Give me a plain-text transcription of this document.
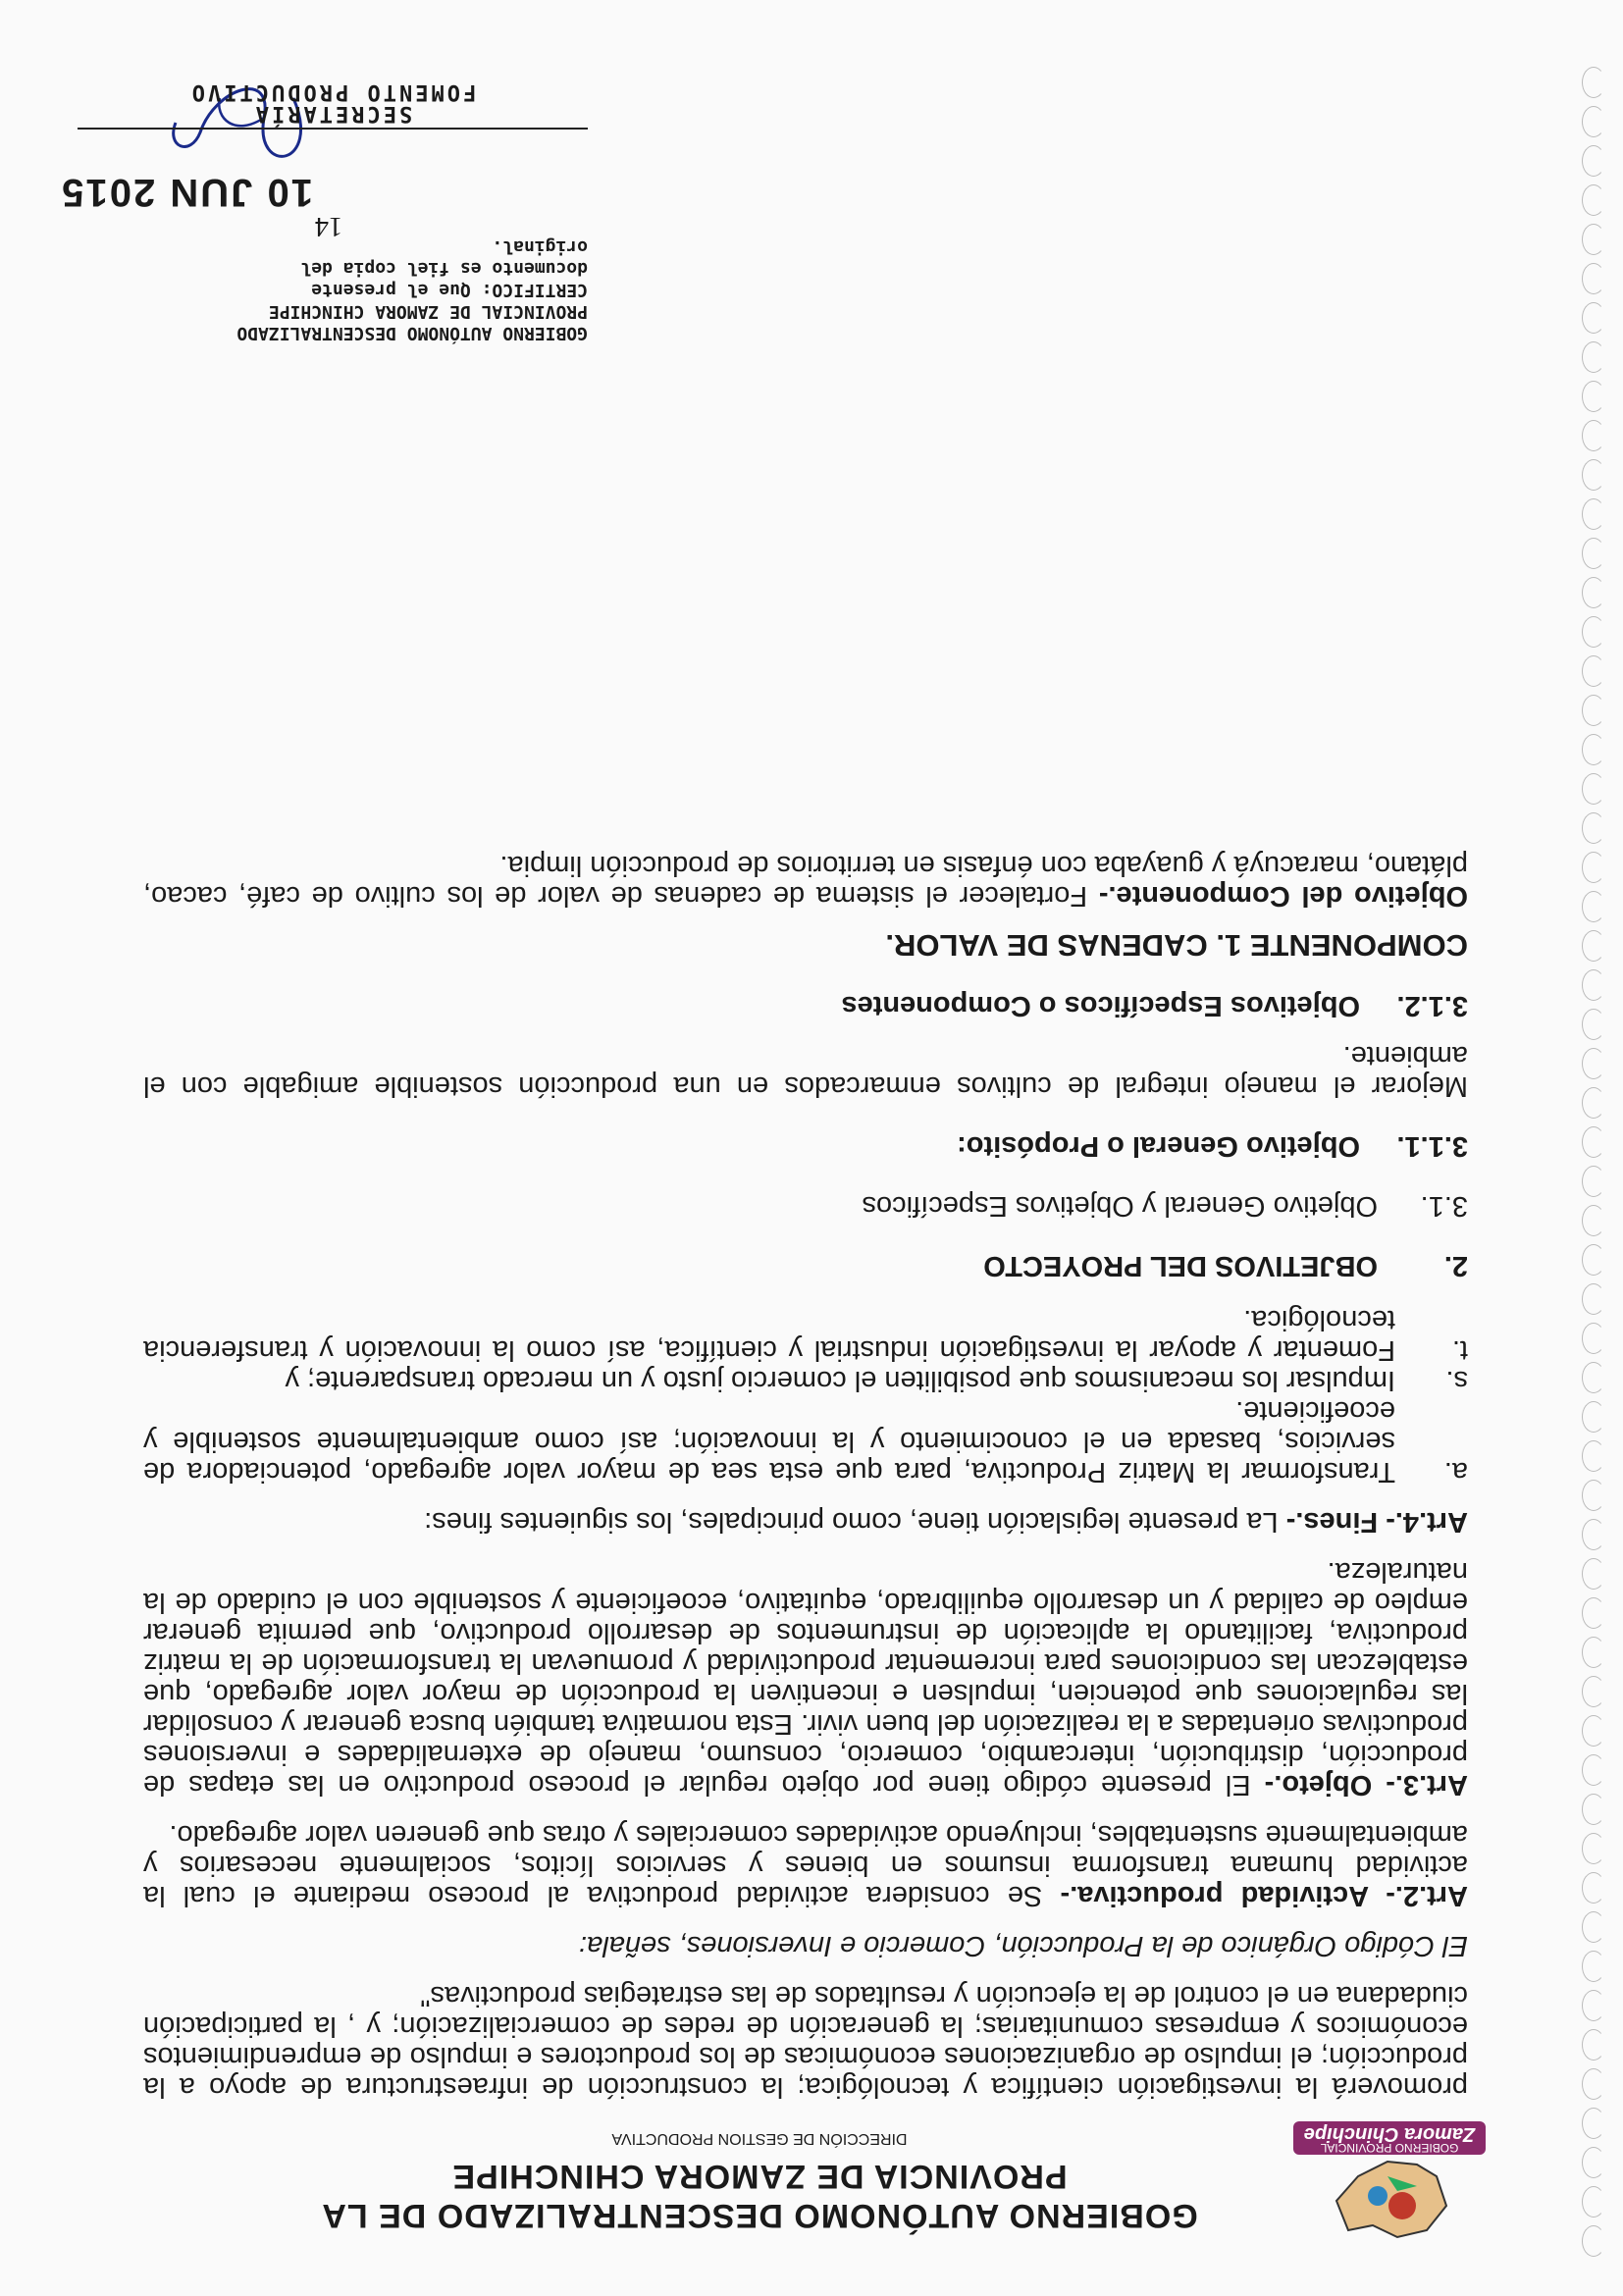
GOBIERNO PROVINCIAL
Zamora Chinchipe
GOBIERNO AUTÓNOMO DESCENTRALIZADO DE LA PROVINCIA DE ZAMORA CHINCHIPE
DIRECCIÓN DE GESTION PRODUCTIVA

promoverá la investigación científica y tecnológica; la construcción de infraestructura de apoyo a la producción; el impulso de organizaciones económicas de los productores e impulso de emprendimientos económicos y empresas comunitarias; la generación de redes de comercialización; y , la participación ciudadana en el control de la ejecución y resultados de las estrategias productivas"

El Código Orgánico de la Producción, Comercio e Inversiones, señala:

Art.2.- Actividad productiva.- Se considera actividad productiva al proceso mediante el cual la actividad humana transforma insumos en bienes y servicios lícitos, socialmente necesarios y ambientalmente sustentables, incluyendo actividades comerciales y otras que generen valor agregado.

Art.3.- Objeto.- El presente código tiene por objeto regular el proceso productivo en las etapas de producción, distribución, intercambio, comercio, consumo, manejo de externalidades e inversiones productivas orientadas a la realización del buen vivir. Esta normativa también busca generar y consolidar las regulaciones que potencien, impulsen e incentiven la producción de mayor valor agregado, que establezcan las condiciones para incrementar productividad y promuevan la transformación de la matriz productiva, facilitando la aplicación de instrumentos de desarrollo productivo, que permita generar empleo de calidad y un desarrollo equilibrado, equitativo, ecoeficiente y sostenible con el cuidado de la naturaleza.

Art.4.- Fines.- La presente legislación tiene, como principales, los siguientes fines:

a.
Transformar la Matriz Productiva, para que esta sea de mayor valor agregado, potenciadora de servicios, basada en el conocimiento y la innovación; así como ambientalmente sostenible y ecoeficiente.
s.
Impulsar los mecanismos que posibiliten el comercio justo y un mercado transparente; y
t.
Fomentar y apoyar la investigación industrial y científica, así como la innovación y transferencia tecnológica.
2.
OBJETIVOS DEL PROYECTO
3.1.
Objetivo General y Objetivos Específicos
3.1.1.
Objetivo General o Propósito:

Mejorar el manejo integral de cultivos enmarcados en una producción sostenible amigable con el ambiente.

3.1.2.
Objetivos Específicos o Componentes

COMPONENTE 1. CADENAS DE VALOR.

Objetivo del Componente.- Fortalecer el sistema de cadenas de valor de los cultivo de café, cacao, plátano, maracuyá y guayaba con énfasis en territorios de producción limpia.

GOBIERNO AUTÓNOMO DESCENTRALIZADO
PROVINCIAL DE ZAMORA CHINCHIPE
CERTIFICO: Que el presente
documento es fiel copia del
original.
14
10 JUN 2015
SECRETARÍA
FOMENTO PRODUCTIVO
